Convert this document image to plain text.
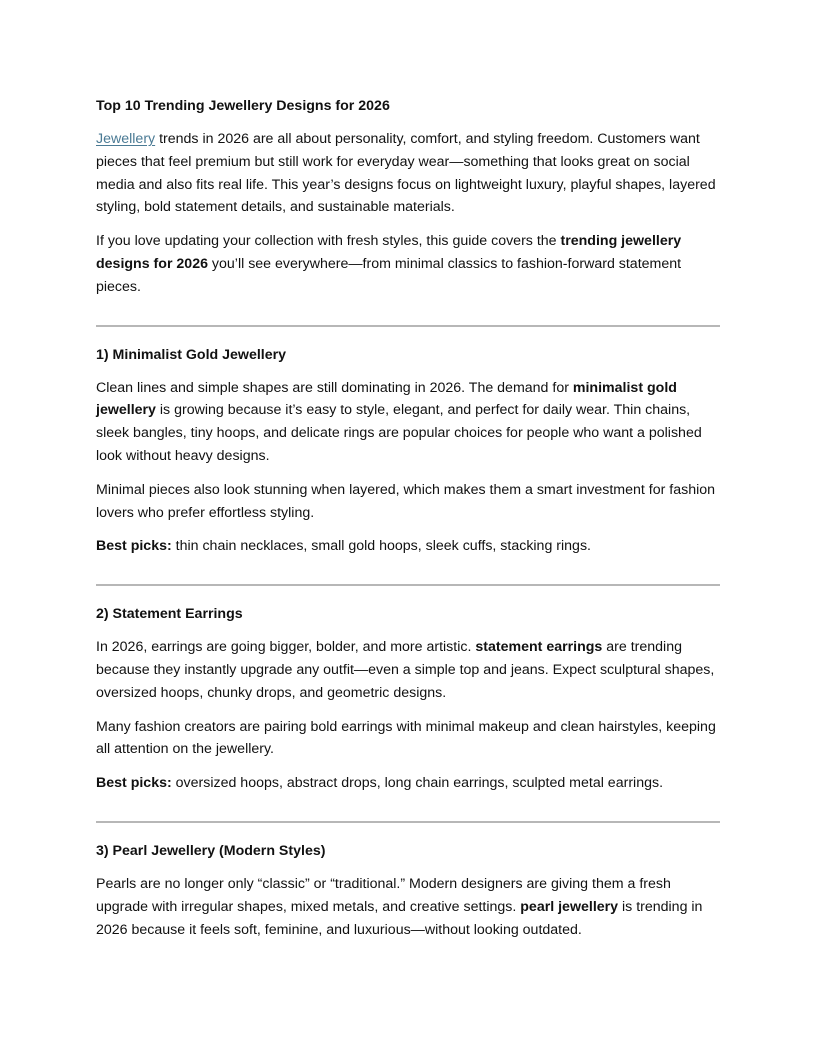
Top 10 Trending Jewellery Designs for 2026

Jewellery trends in 2026 are all about personality, comfort, and styling freedom. Customers want pieces that feel premium but still work for everyday wear—something that looks great on social media and also fits real life. This year’s designs focus on lightweight luxury, playful shapes, layered styling, bold statement details, and sustainable materials.

If you love updating your collection with fresh styles, this guide covers the trending jewellery designs for 2026 you’ll see everywhere—from minimal classics to fashion-forward statement pieces.

1) Minimalist Gold Jewellery

Clean lines and simple shapes are still dominating in 2026. The demand for minimalist gold jewellery is growing because it’s easy to style, elegant, and perfect for daily wear. Thin chains, sleek bangles, tiny hoops, and delicate rings are popular choices for people who want a polished look without heavy designs.

Minimal pieces also look stunning when layered, which makes them a smart investment for fashion lovers who prefer effortless styling.

Best picks: thin chain necklaces, small gold hoops, sleek cuffs, stacking rings.

2) Statement Earrings

In 2026, earrings are going bigger, bolder, and more artistic. statement earrings are trending because they instantly upgrade any outfit—even a simple top and jeans. Expect sculptural shapes, oversized hoops, chunky drops, and geometric designs.

Many fashion creators are pairing bold earrings with minimal makeup and clean hairstyles, keeping all attention on the jewellery.

Best picks: oversized hoops, abstract drops, long chain earrings, sculpted metal earrings.

3) Pearl Jewellery (Modern Styles)

Pearls are no longer only “classic” or “traditional.” Modern designers are giving them a fresh upgrade with irregular shapes, mixed metals, and creative settings. pearl jewellery is trending in 2026 because it feels soft, feminine, and luxurious—without looking outdated.
